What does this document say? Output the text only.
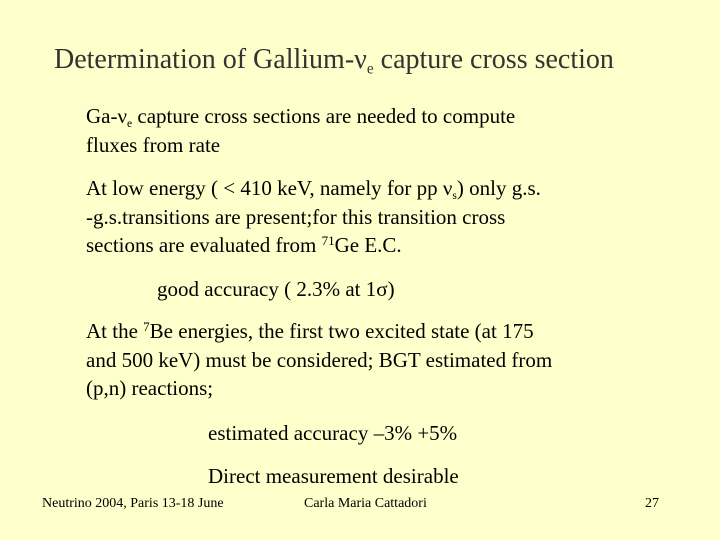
Determination of Gallium-$\nu_e$ capture cross section
$Ga-\nu_e$ capture cross sections are needed to compute
fluxes from rate
At low energy ( < 410 keV, namely for pp $\nu_s$) only g.s.
-g.s.transitions are present;for this transition cross
sections are evaluated from $^{71}$Ge E.C.
good accuracy ( 2.3% at 1σ)
At the $^7$Be energies, the first two excited state (at 175
and 500 keV) must be considered; BGT estimated from
(p,n) reactions;
estimated accuracy –3% +5%
Direct measurement desirable
Neutrino 2004, Paris 13-18 June	Carla Maria Cattadori	27
